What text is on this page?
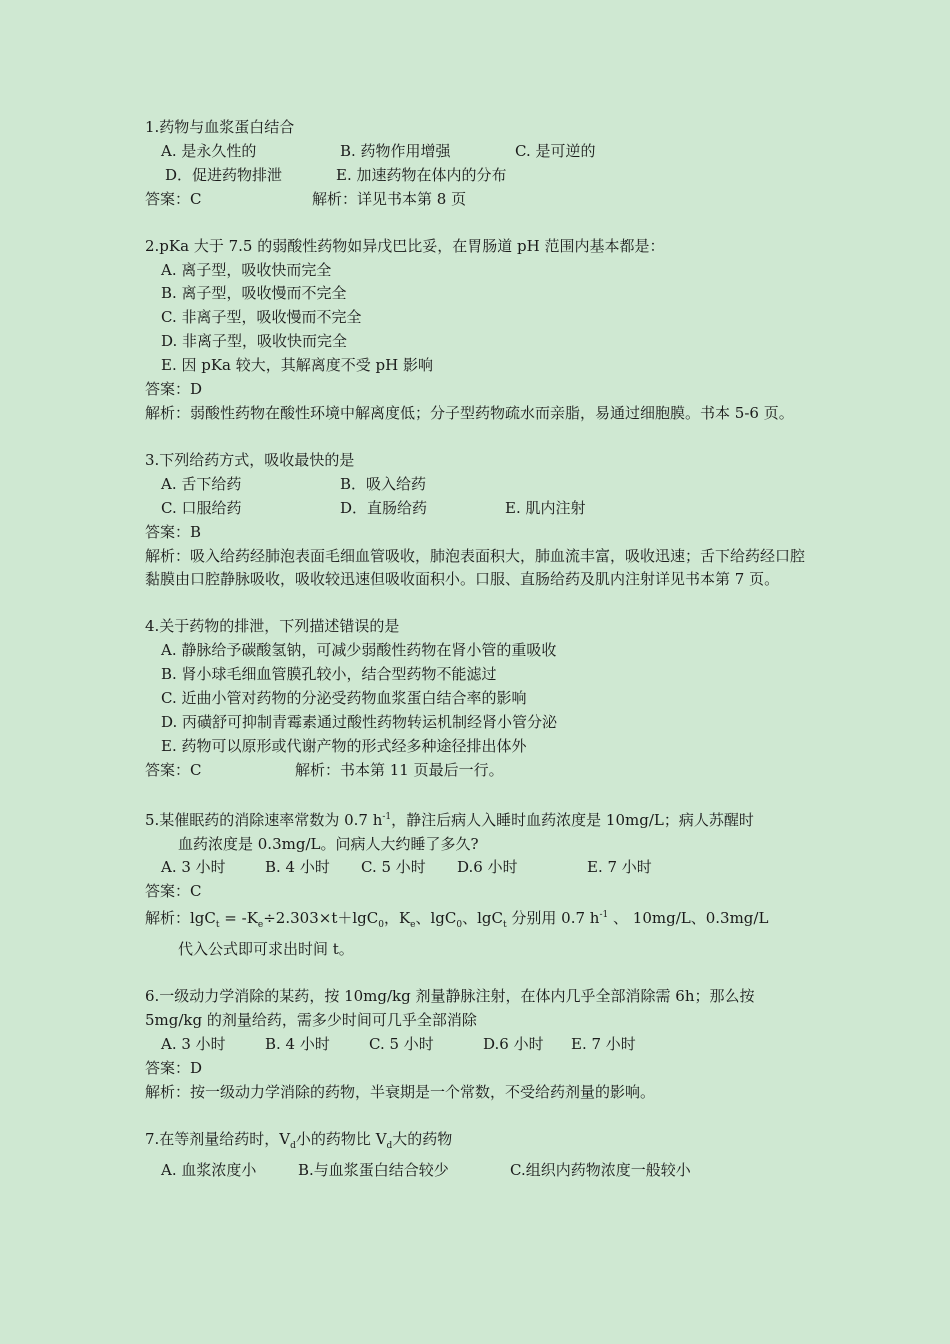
1.药物与血浆蛋白结合
A. 是永久性的	B. 药物作用增强	C. 是可逆的
D．促进药物排泄	E. 加速药物在体内的分布
答案：C	解析：详见书本第 8 页
2.pKa 大于 7.5 的弱酸性药物如异戊巴比妥，在胃肠道 pH 范围内基本都是：
A. 离子型，吸收快而完全
B. 离子型，吸收慢而不完全
C. 非离子型，吸收慢而不完全
D. 非离子型，吸收快而完全
E. 因 pKa 较大，其解离度不受 pH 影响
答案：D
解析：弱酸性药物在酸性环境中解离度低；分子型药物疏水而亲脂，易通过细胞膜。书本 5-6 页。
3.下列给药方式，吸收最快的是
A. 舌下给药	B．吸入给药
C. 口服给药	D．直肠给药	E. 肌内注射
答案：B
解析：吸入给药经肺泡表面毛细血管吸收，肺泡表面积大，肺血流丰富，吸收迅速；舌下给药经口腔黏膜由口腔静脉吸收，吸收较迅速但吸收面积小。口服、直肠给药及肌内注射详见书本第 7 页。
4.关于药物的排泄，下列描述错误的是
A. 静脉给予碳酸氢钠，可减少弱酸性药物在肾小管的重吸收
B. 肾小球毛细血管膜孔较小，结合型药物不能滤过
C. 近曲小管对药物的分泌受药物血浆蛋白结合率的影响
D. 丙磺舒可抑制青霉素通过酸性药物转运机制经肾小管分泌
E. 药物可以原形或代谢产物的形式经多种途径排出体外
答案：C	解析：书本第 11 页最后一行。
5.某催眠药的消除速率常数为 0.7 $h^{-1}$，静注后病人入睡时血药浓度是 10mg/L；病人苏醒时
血药浓度是 0.3mg/L。问病人大约睡了多久?
A. 3 小时	B. 4 小时 C. 5 小时 D.6 小时	E. 7 小时
答案：C
解析：$\lg C_t = -K_e\div 2.303\times t+\lg C_0$，$K_e$、lgC$_0$、lgC$_t$ 分别用 0.7 $h^{-1}$ 、 10mg/L、0.3mg/L
代入公式即可求出时间 t。
6.一级动力学消除的某药，按 10mg/kg 剂量静脉注射，在体内几乎全部消除需 6h；那么按 5mg/kg 的剂量给药，需多少时间可几乎全部消除
A. 3 小时	B. 4 小时	C. 5 小时	D.6 小时 E. 7 小时
答案：D
解析：按一级动力学消除的药物，半衰期是一个常数，不受给药剂量的影响。
7.在等剂量给药时，$V_d$小的药物比 $V_d$大的药物
A. 血浆浓度小	B.与血浆蛋白结合较少	C.组织内药物浓度一般较小
